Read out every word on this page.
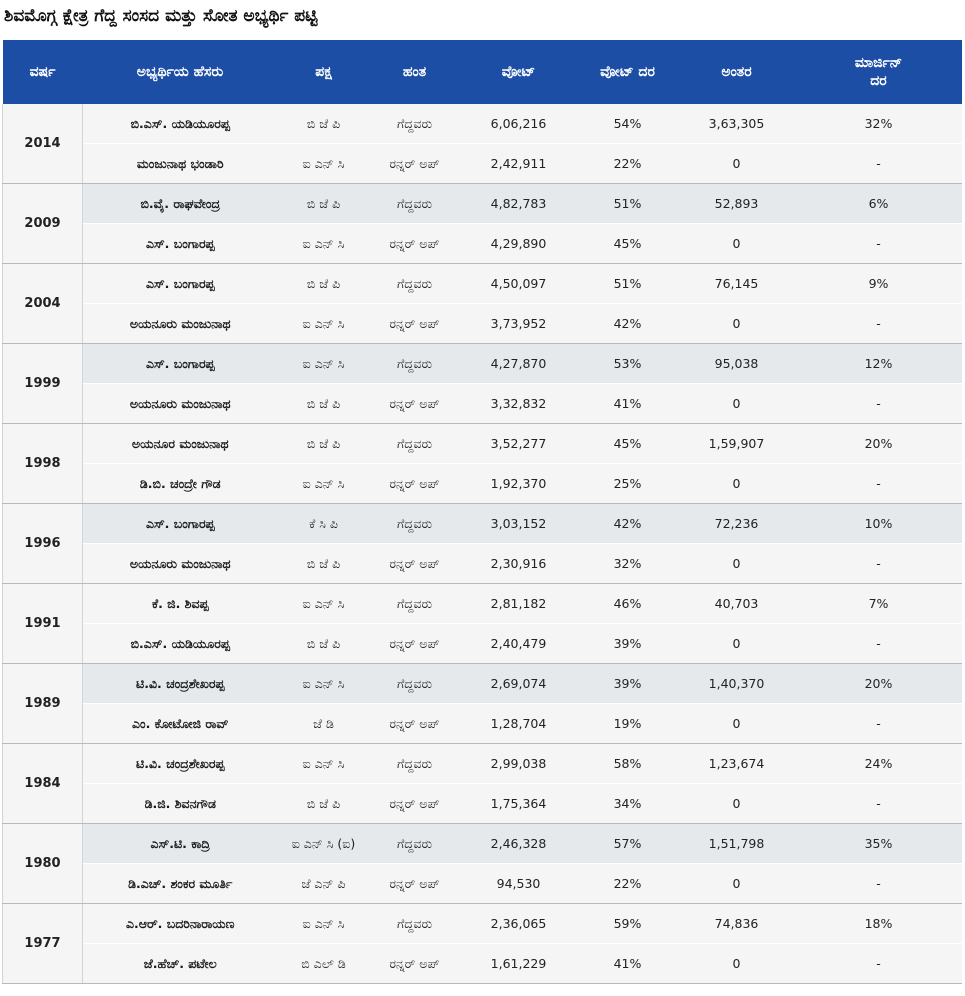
ಶಿವಮೊಗ್ಗ ಕ್ಷೇತ್ರ ಗೆದ್ದ ಸಂಸದ ಮತ್ತು ಸೋತ ಅಭ್ಯರ್ಥಿ ಪಟ್ಟಿ
ವರ್ಷ	ಅಭ್ಯರ್ಥಿಯ ಹೆಸರು	ಪಕ್ಷ	ಹಂತ	ವೋಟ್	ವೋಟ್ ದರ	ಅಂತರ	ಮಾರ್ಜಿನ್ ದರ
2014	ಬಿ.ಎಸ್. ಯಡಿಯೂರಪ್ಪ	ಬಿ ಜೆ ಪಿ	ಗೆದ್ದವರು	6,06,216	54%	3,63,305	32%
	ಮಂಜುನಾಥ ಭಂಡಾರಿ	ಐ ಎನ್ ಸಿ	ರನ್ನರ್ ಅಪ್	2,42,911	22%	0	-
2009	ಬಿ.ವೈ. ರಾಘವೇಂದ್ರ	ಬಿ ಜೆ ಪಿ	ಗೆದ್ದವರು	4,82,783	51%	52,893	6%
	ಎಸ್. ಬಂಗಾರಪ್ಪ	ಐ ಎನ್ ಸಿ	ರನ್ನರ್ ಅಪ್	4,29,890	45%	0	-
2004	ಎಸ್. ಬಂಗಾರಪ್ಪ	ಬಿ ಜೆ ಪಿ	ಗೆದ್ದವರು	4,50,097	51%	76,145	9%
	ಅಯನೂರು ಮಂಜುನಾಥ	ಐ ಎನ್ ಸಿ	ರನ್ನರ್ ಅಪ್	3,73,952	42%	0	-
1999	ಎಸ್. ಬಂಗಾರಪ್ಪ	ಐ ಎನ್ ಸಿ	ಗೆದ್ದವರು	4,27,870	53%	95,038	12%
	ಅಯನೂರು ಮಂಜುನಾಥ	ಬಿ ಜೆ ಪಿ	ರನ್ನರ್ ಅಪ್	3,32,832	41%	0	-
1998	ಅಯನೂರ ಮಂಜುನಾಥ	ಬಿ ಜೆ ಪಿ	ಗೆದ್ದವರು	3,52,277	45%	1,59,907	20%
	ಡಿ.ಬಿ. ಚಂದ್ರೇ ಗೌಡ	ಐ ಎನ್ ಸಿ	ರನ್ನರ್ ಅಪ್	1,92,370	25%	0	-
1996	ಎಸ್. ಬಂಗಾರಪ್ಪ	ಕೆ ಸಿ ಪಿ	ಗೆದ್ದವರು	3,03,152	42%	72,236	10%
	ಅಯನೂರು ಮಂಜುನಾಥ	ಬಿ ಜೆ ಪಿ	ರನ್ನರ್ ಅಪ್	2,30,916	32%	0	-
1991	ಕೆ. ಜಿ. ಶಿವಪ್ಪ	ಐ ಎನ್ ಸಿ	ಗೆದ್ದವರು	2,81,182	46%	40,703	7%
	ಬಿ.ಎಸ್. ಯಡಿಯೂರಪ್ಪ	ಬಿ ಜೆ ಪಿ	ರನ್ನರ್ ಅಪ್	2,40,479	39%	0	-
1989	ಟಿ.ವಿ. ಚಂದ್ರಶೇಖರಪ್ಪ	ಐ ಎನ್ ಸಿ	ಗೆದ್ದವರು	2,69,074	39%	1,40,370	20%
	ಎಂ. ಕೋಟೋಜಿ ರಾವ್	ಜೆ ಡಿ	ರನ್ನರ್ ಅಪ್	1,28,704	19%	0	-
1984	ಟಿ.ವಿ. ಚಂದ್ರಶೇಖರಪ್ಪ	ಐ ಎನ್ ಸಿ	ಗೆದ್ದವರು	2,99,038	58%	1,23,674	24%
	ಡಿ.ಜಿ. ಶಿವನಗೌಡ	ಬಿ ಜೆ ಪಿ	ರನ್ನರ್ ಅಪ್	1,75,364	34%	0	-
1980	ಎಸ್.ಟಿ. ಕಾದ್ರಿ	ಐ ಎನ್ ಸಿ (ಐ)	ಗೆದ್ದವರು	2,46,328	57%	1,51,798	35%
	ಡಿ.ಎಚ್. ಶಂಕರ ಮೂರ್ತಿ	ಜೆ ಎನ್ ಪಿ	ರನ್ನರ್ ಅಪ್	94,530	22%	0	-
1977	ಎ.ಆರ್. ಬದರಿನಾರಾಯಣ	ಐ ಎನ್ ಸಿ	ಗೆದ್ದವರು	2,36,065	59%	74,836	18%
	ಜೆ.ಹೆಚ್. ಪಟೇಲ	ಬಿ ಎಲ್ ಡಿ	ರನ್ನರ್ ಅಪ್	1,61,229	41%	0	-
